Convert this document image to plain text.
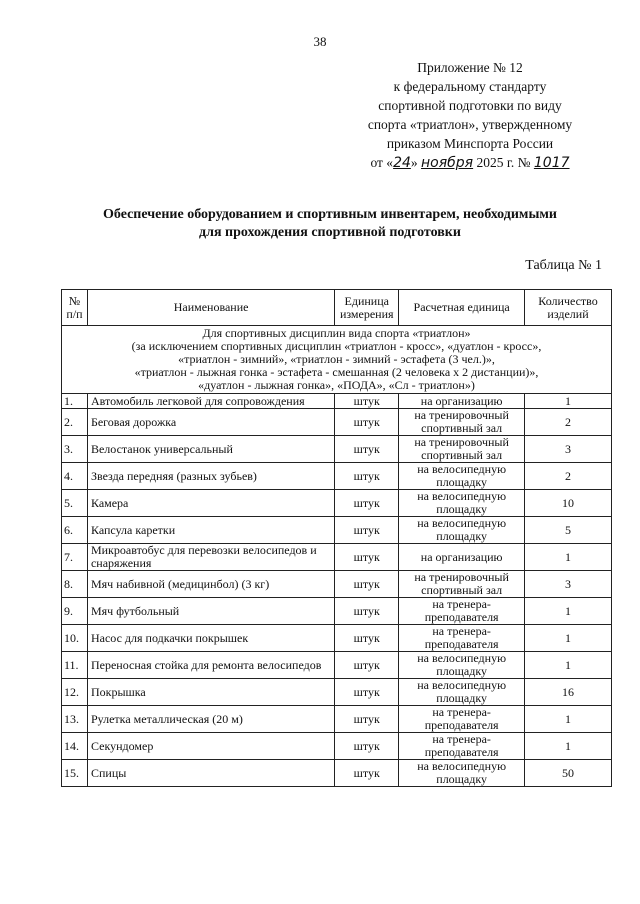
38
Приложение № 12
к федеральному стандарту
спортивной подготовки по виду
спорта «триатлон», утвержденному
приказом Минспорта России
от «24» ноября 2025 г. № 1017
Обеспечение оборудованием и спортивным инвентарем, необходимыми
для прохождения спортивной подготовки
Таблица № 1
№ п/п	Наименование	Единица измерения	Расчетная единица	Количество изделий

Для спортивных дисциплин вида спорта «триатлон»
(за исключением спортивных дисциплин «триатлон - кросс», «дуатлон - кросс»,
«триатлон - зимний», «триатлон - зимний - эстафета (3 чел.)»,
«триатлон - лыжная гонка - эстафета - смешанная (2 человека х 2 дистанции)»,
«дуатлон - лыжная гонка», «ПОДА», «Сл - триатлон»)				

1.	Автомобиль легковой для сопровождения	штук	на организацию	1
2.	Беговая дорожка	штук	на тренировочный спортивный зал	2
3.	Велостанок универсальный	штук	на тренировочный спортивный зал	3
4.	Звезда передняя (разных зубьев)	штук	на велосипедную площадку	2
5.	Камера	штук	на велосипедную площадку	10
6.	Капсула каретки	штук	на велосипедную площадку	5
7.	Микроавтобус для перевозки велосипедов и снаряжения	штук	на организацию	1
8.	Мяч набивной (медицинбол) (3 кг)	штук	на тренировочный спортивный зал	3
9.	Мяч футбольный	штук	на тренера-преподавателя	1
10.	Насос для подкачки покрышек	штук	на тренера-преподавателя	1
11.	Переносная стойка для ремонта велосипедов	штук	на велосипедную площадку	1
12.	Покрышка	штук	на велосипедную площадку	16
13.	Рулетка металлическая (20 м)	штук	на тренера-преподавателя	1
14.	Секундомер	штук	на тренера-преподавателя	1
15.	Спицы	штук	на велосипедную площадку	50
